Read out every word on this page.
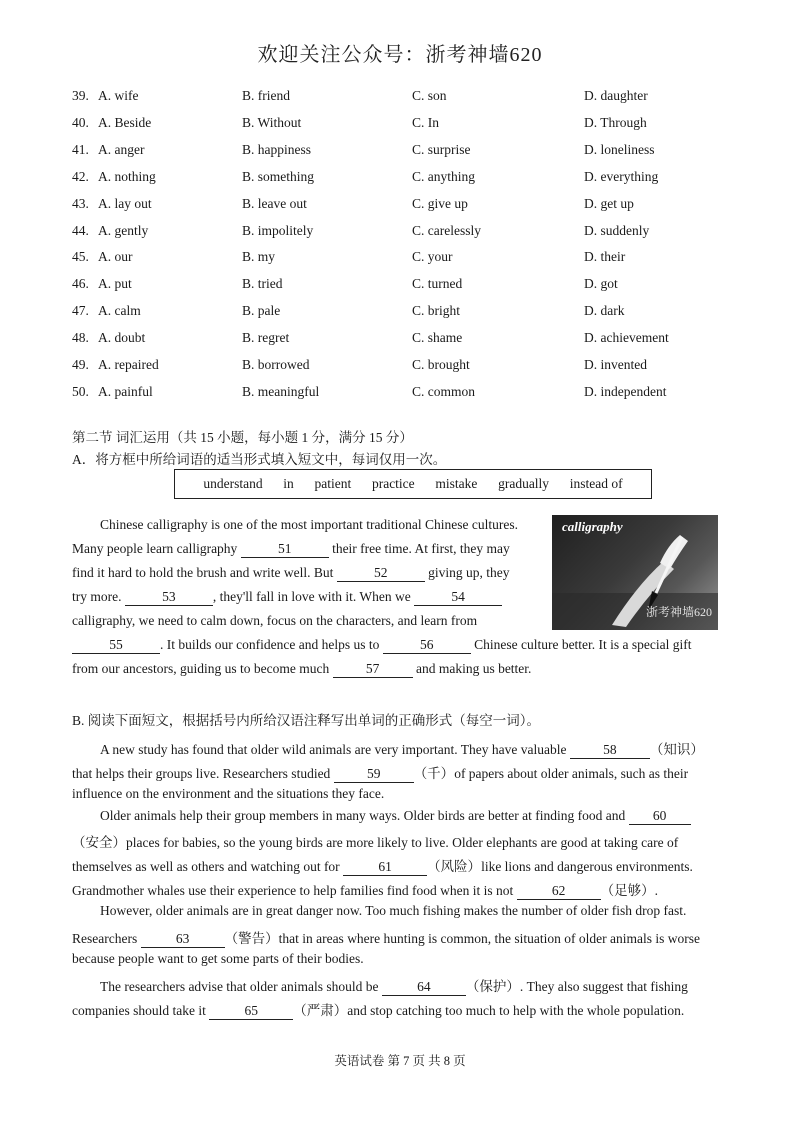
欢迎关注公众号：浙考神墙620
39. A. wife	B. friend	C. son	D. daughter
40. A. Beside	B. Without	C. In	D. Through
41. A. anger	B. happiness	C. surprise	D. loneliness
42. A. nothing	B. something	C. anything	D. everything
43. A. lay out	B. leave out	C. give up	D. get up
44. A. gently	B. impolitely	C. carelessly	D. suddenly
45. A. our	B. my	C. your	D. their
46. A. put	B. tried	C. turned	D. got
47. A. calm	B. pale	C. bright	D. dark
48. A. doubt	B. regret	C. shame	D. achievement
49. A. repaired	B. borrowed	C. brought	D. invented
50. A. painful	B. meaningful	C. common	D. independent
第二节 词汇运用（共 15 小题，每小题 1 分，满分 15 分）
A．将方框中所给词语的适当形式填入短文中，每词仅用一次。
understand in patient practice mistake gradually instead of
calligraphy
浙考神墙620
Chinese calligraphy is one of the most important traditional Chinese cultures.
Many people learn calligraphy	51	their free time. At first, they may
find it hard to hold the brush and write well. But	52	giving up, they
try more.	53	, they'll fall in love with it. When we	54
calligraphy, we need to calm down, focus on the characters, and learn from
55	. It builds our confidence and helps us to	56	Chinese culture better. It is a special gift
from our ancestors, guiding us to become much	57	and making us better.
B. 阅读下面短文，根据括号内所给汉语注释写出单词的正确形式（每空一词）。
A new study has found that older wild animals are very important. They have valuable	58 （知识）
that helps their groups live. Researchers studied	59 （千）of papers about older animals, such as their
influence on the environment and the situations they face.
Older animals help their group members in many ways. Older birds are better at finding food and 60
（安全）places for babies, so the young birds are more likely to live. Older elephants are good at taking care of
themselves as well as others and watching out for	61	（风险）like lions and dangerous environments.
Grandmother whales use their experience to help families find food when it is not	62	（足够）.
However, older animals are in great danger now. Too much fishing makes the number of older fish drop fast.
Researchers	63	（警告）that in areas where hunting is common, the situation of older animals is worse
because people want to get some parts of their bodies.
The researchers advise that older animals should be	64	（保护）. They also suggest that fishing
companies should take it	65	（严肃）and stop catching too much to help with the whole population.
英语试卷 第 7 页 共 8 页
